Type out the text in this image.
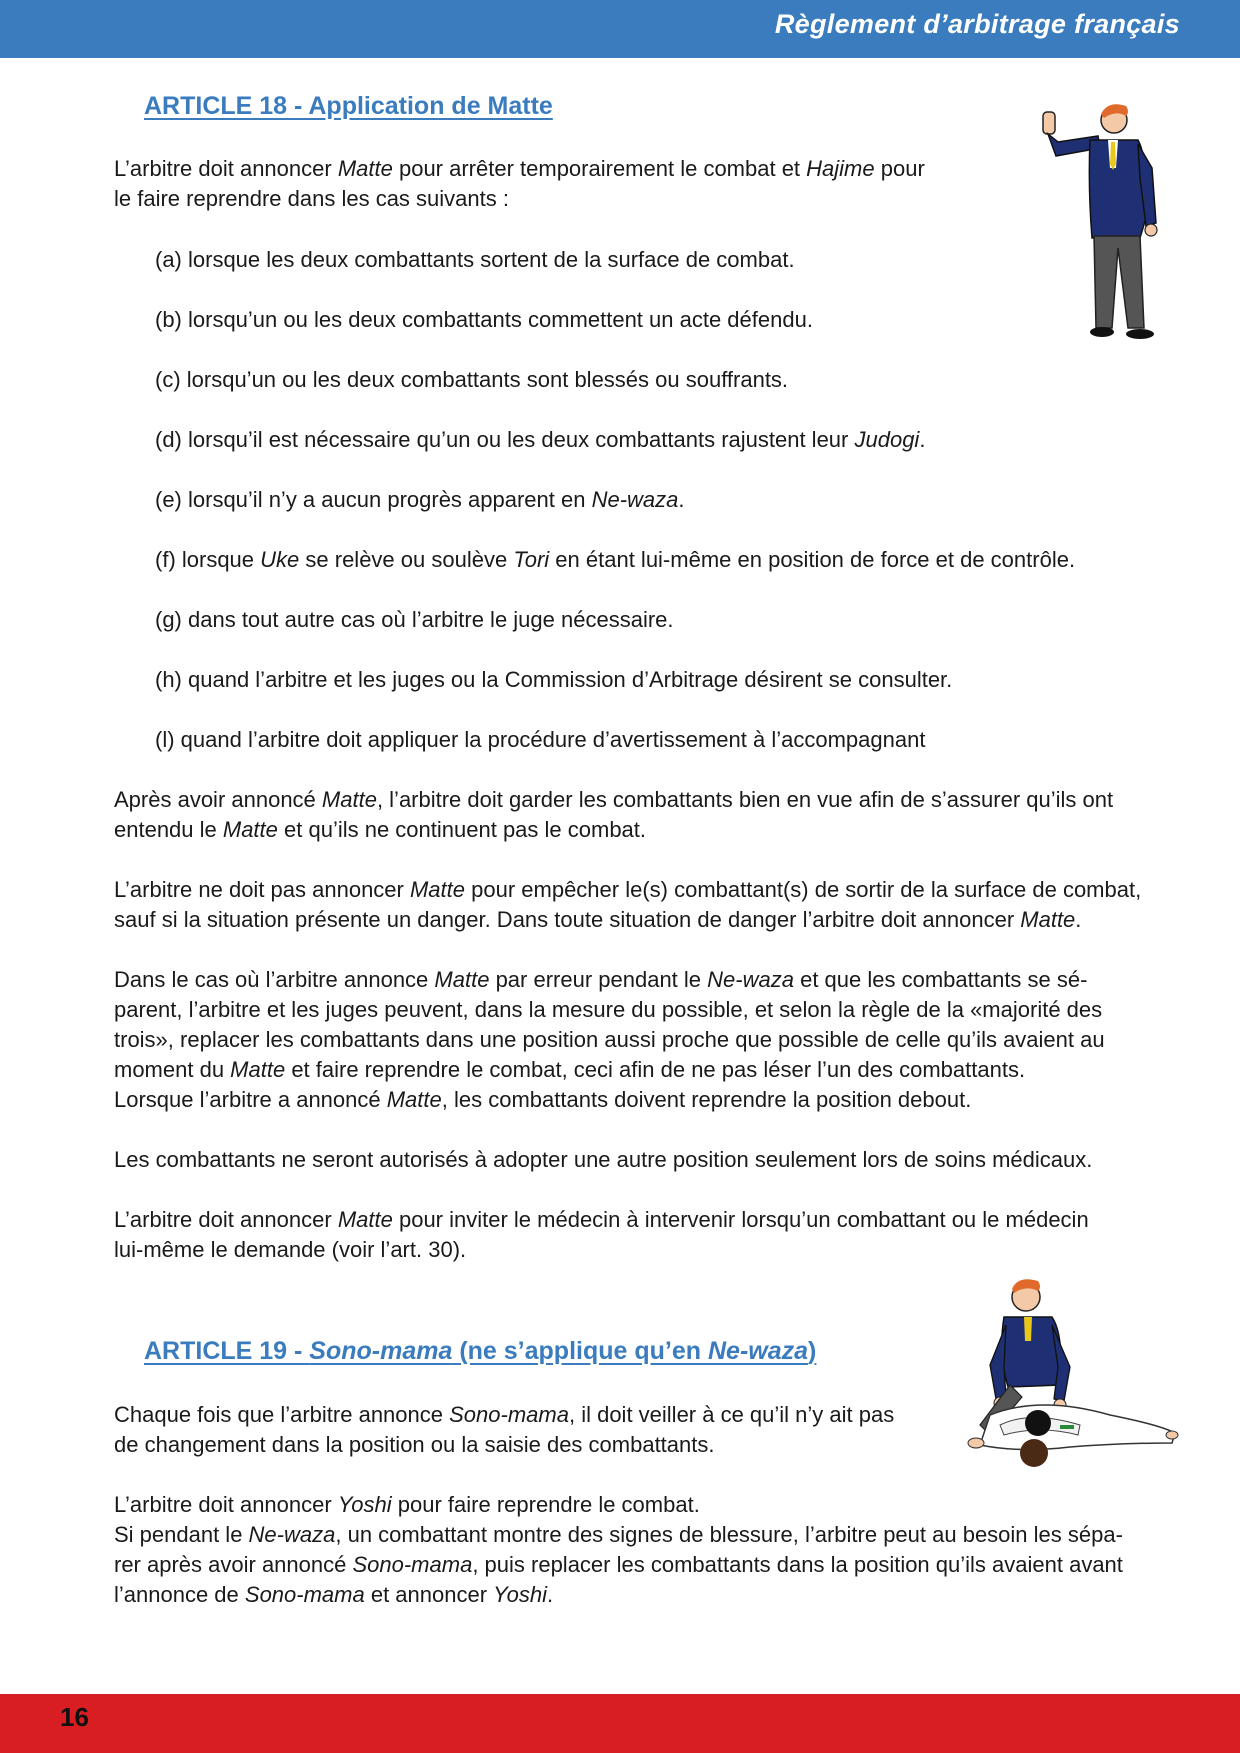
Règlement d’arbitrage français
ARTICLE 18 - Application de Matte

L’arbitre doit annoncer Matte pour arrêter temporairement le combat et Hajime pour
le faire reprendre dans les cas suivants :

(a) lorsque les deux combattants sortent de la surface de combat.

(b) lorsqu’un ou les deux combattants commettent un acte défendu.

(c) lorsqu’un ou les deux combattants sont blessés ou souffrants.

(d) lorsqu’il est nécessaire qu’un ou les deux combattants rajustent leur Judogi.

(e) lorsqu’il n’y a aucun progrès apparent en Ne-waza.

(f) lorsque Uke se relève ou soulève Tori en étant lui-même en position de force et de contrôle.

(g) dans tout autre cas où l’arbitre le juge nécessaire.

(h) quand l’arbitre et les juges ou la Commission d’Arbitrage désirent se consulter.

(l) quand l’arbitre doit appliquer la procédure d’avertissement à l’accompagnant

Après avoir annoncé Matte, l’arbitre doit garder les combattants bien en vue afin de s’assurer qu’ils ont
entendu le Matte et qu’ils ne continuent pas le combat.

L’arbitre ne doit pas annoncer Matte pour empêcher le(s) combattant(s) de sortir de la surface de combat,
sauf si la situation présente un danger. Dans toute situation de danger l’arbitre doit annoncer Matte.

Dans le cas où l’arbitre annonce Matte par erreur pendant le Ne-waza et que les combattants se sé-
parent, l’arbitre et les juges peuvent, dans la mesure du possible, et selon la règle de la «majorité des
trois», replacer les combattants dans une position aussi proche que possible de celle qu’ils avaient au
moment du Matte et faire reprendre le combat, ceci afin de ne pas léser l’un des combattants.
Lorsque l’arbitre a annoncé Matte, les combattants doivent reprendre la position debout.

Les combattants ne seront autorisés à adopter une autre position seulement lors de soins médicaux.

L’arbitre doit annoncer Matte pour inviter le médecin à intervenir lorsqu’un combattant ou le médecin
lui-même le demande (voir l’art. 30).

ARTICLE 19 - Sono-mama (ne s’applique qu’en Ne-waza)

Chaque fois que l’arbitre annonce Sono-mama, il doit veiller à ce qu’il n’y ait pas
de changement dans la position ou la saisie des combattants.

L’arbitre doit annoncer Yoshi pour faire reprendre le combat.

Si pendant le Ne-waza, un combattant montre des signes de blessure, l’arbitre peut au besoin les sépa-
rer après avoir annoncé Sono-mama, puis replacer les combattants dans la position qu’ils avaient avant
l’annonce de Sono-mama et annoncer Yoshi.

16
